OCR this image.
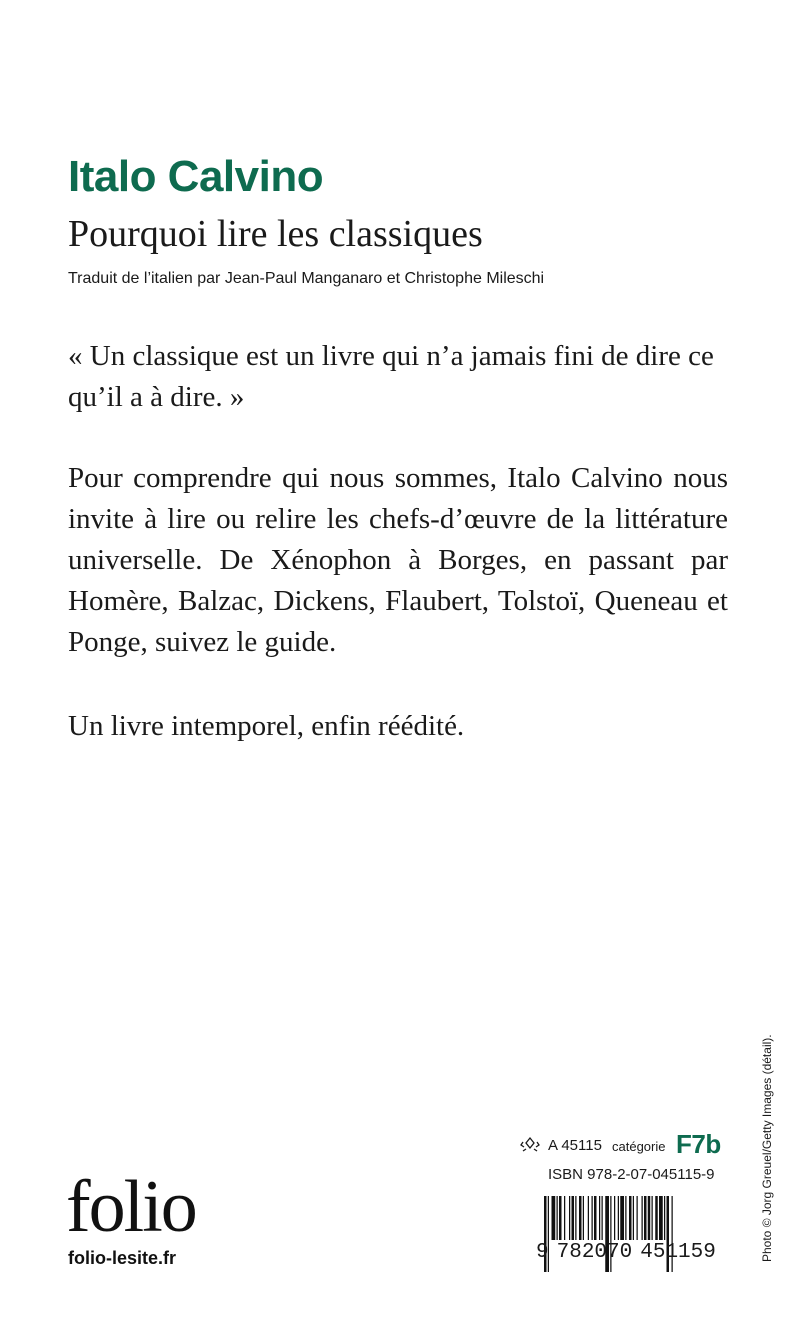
Italo Calvino
Pourquoi lire les classiques
Traduit de l’italien par Jean-Paul Manganaro et Christophe Mileschi
« Un classique est un livre qui n’a jamais fini de dire ce qu’il a à dire. »
Pour comprendre qui nous sommes, Italo Calvino nous invite à lire ou relire les chefs-d’œuvre de la littérature universelle. De Xénophon à Borges, en passant par Homère, Balzac, Dickens, Flaubert, Tolstoï, Queneau et Ponge, suivez le guide.
Un livre intemporel, enfin réédité.
A 45115 catégorie F7b
ISBN 978-2-07-045115-9
9 782070 451159
folio
folio-lesite.fr	Photo © Jorg Greuel/Getty Images (détail).
